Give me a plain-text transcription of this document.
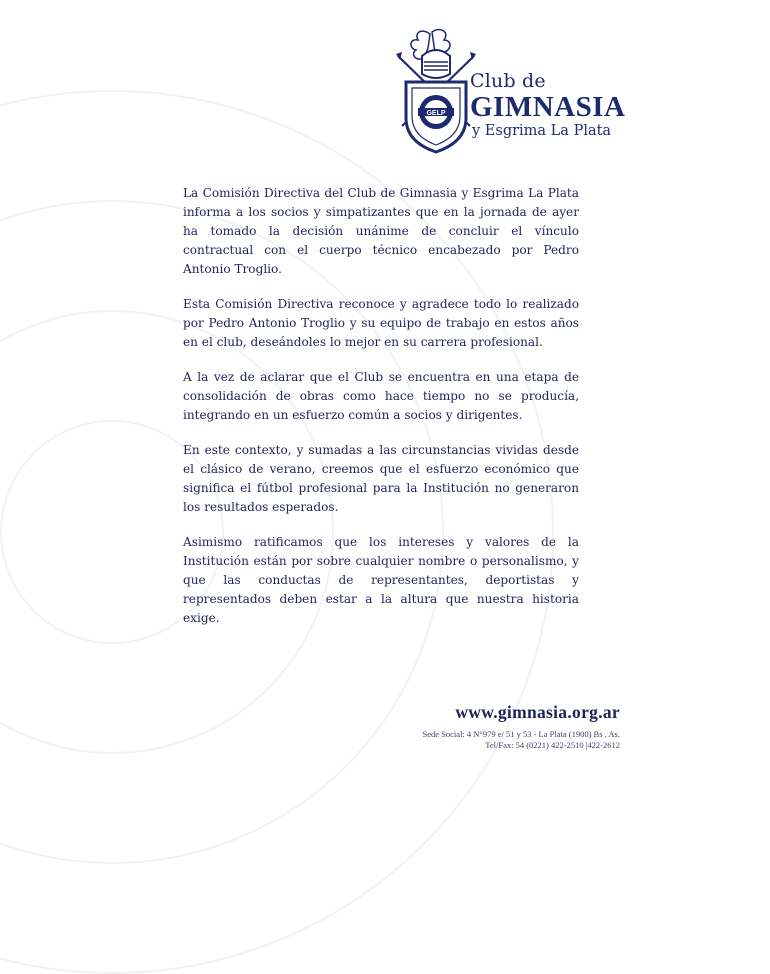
GELP
Club de
GIMNASIA
y Esgrima La Plata

La Comisión Directiva del Club de Gimnasia y Esgrima La Plata informa a los socios y simpatizantes que en la jornada de ayer ha tomado la decisión unánime de concluir el vínculo contractual con el cuerpo técnico encabezado por Pedro Antonio Troglio.

Esta Comisión Directiva reconoce y agradece todo lo realizado por Pedro Antonio Troglio y su equipo de trabajo en estos años en el club, deseándoles lo mejor en su carrera profesional.

A la vez de aclarar que el Club se encuentra en una etapa de consolidación de obras como hace tiempo no se producía, integrando en un esfuerzo común a socios y dirigentes.

En este contexto, y sumadas a las circunstancias vividas desde el clásico de verano, creemos que el esfuerzo económico que significa el fútbol profesional para la Institución no generaron los resultados esperados.

Asimismo ratificamos que los intereses y valores de la Institución están por sobre cualquier nombre o personalismo, y que las conductas de representantes, deportistas y representados deben estar a la altura que nuestra historia exige.

www.gimnasia.org.ar
Sede Social: 4 N°979 e/ 51 y 53 - La Plata (1900) Bs . As.
Tel/Fax: 54 (0221) 422-2510 |422-2612
